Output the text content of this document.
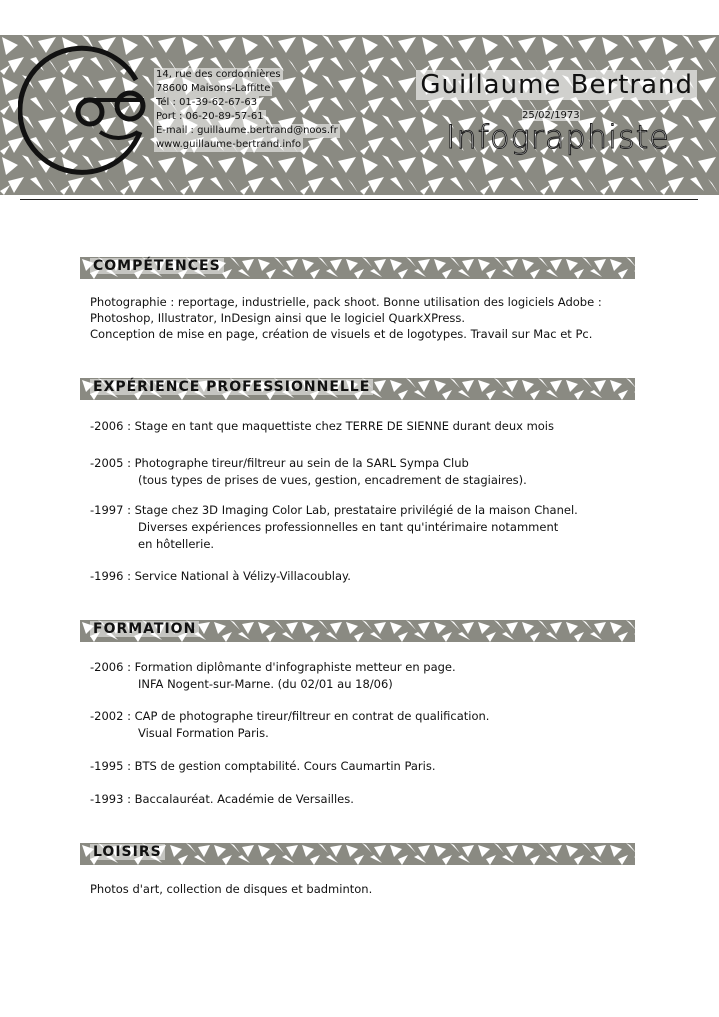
14, rue des cordonnières
78600 Maisons-Laffitte
Tél : 01-39-62-67-63
Port : 06-20-89-57-61
E-mail : guillaume.bertrand@noos.fr
www.guillaume-bertrand.info
Guillaume Bertrand
25/02/1973
Infographiste
COMPÉTENCES
Photographie : reportage, industrielle, pack shoot. Bonne utilisation des logiciels Adobe :
Photoshop, Illustrator, InDesign ainsi que le logiciel QuarkXPress.
Conception de mise en page, création de visuels et de logotypes. Travail sur Mac et Pc.
EXPÉRIENCE PROFESSIONNELLE
-2006 : Stage en tant que maquettiste chez TERRE DE SIENNE durant deux mois
-2005 : Photographe tireur/filtreur au sein de la SARL Sympa Club
(tous types de prises de vues, gestion, encadrement de stagiaires).
-1997 : Stage chez 3D Imaging Color Lab, prestataire privilégié de la maison Chanel.
Diverses expériences professionnelles en tant qu'intérimaire notamment
en hôtellerie.
-1996 : Service National à Vélizy-Villacoublay.
FORMATION
-2006 : Formation diplômante d'infographiste metteur en page.
INFA Nogent-sur-Marne. (du 02/01 au 18/06)
-2002 : CAP de photographe tireur/filtreur en contrat de qualification.
Visual Formation Paris.
-1995 : BTS de gestion comptabilité. Cours Caumartin Paris.
-1993 : Baccalauréat. Académie de Versailles.
LOISIRS
Photos d'art, collection de disques et badminton.
